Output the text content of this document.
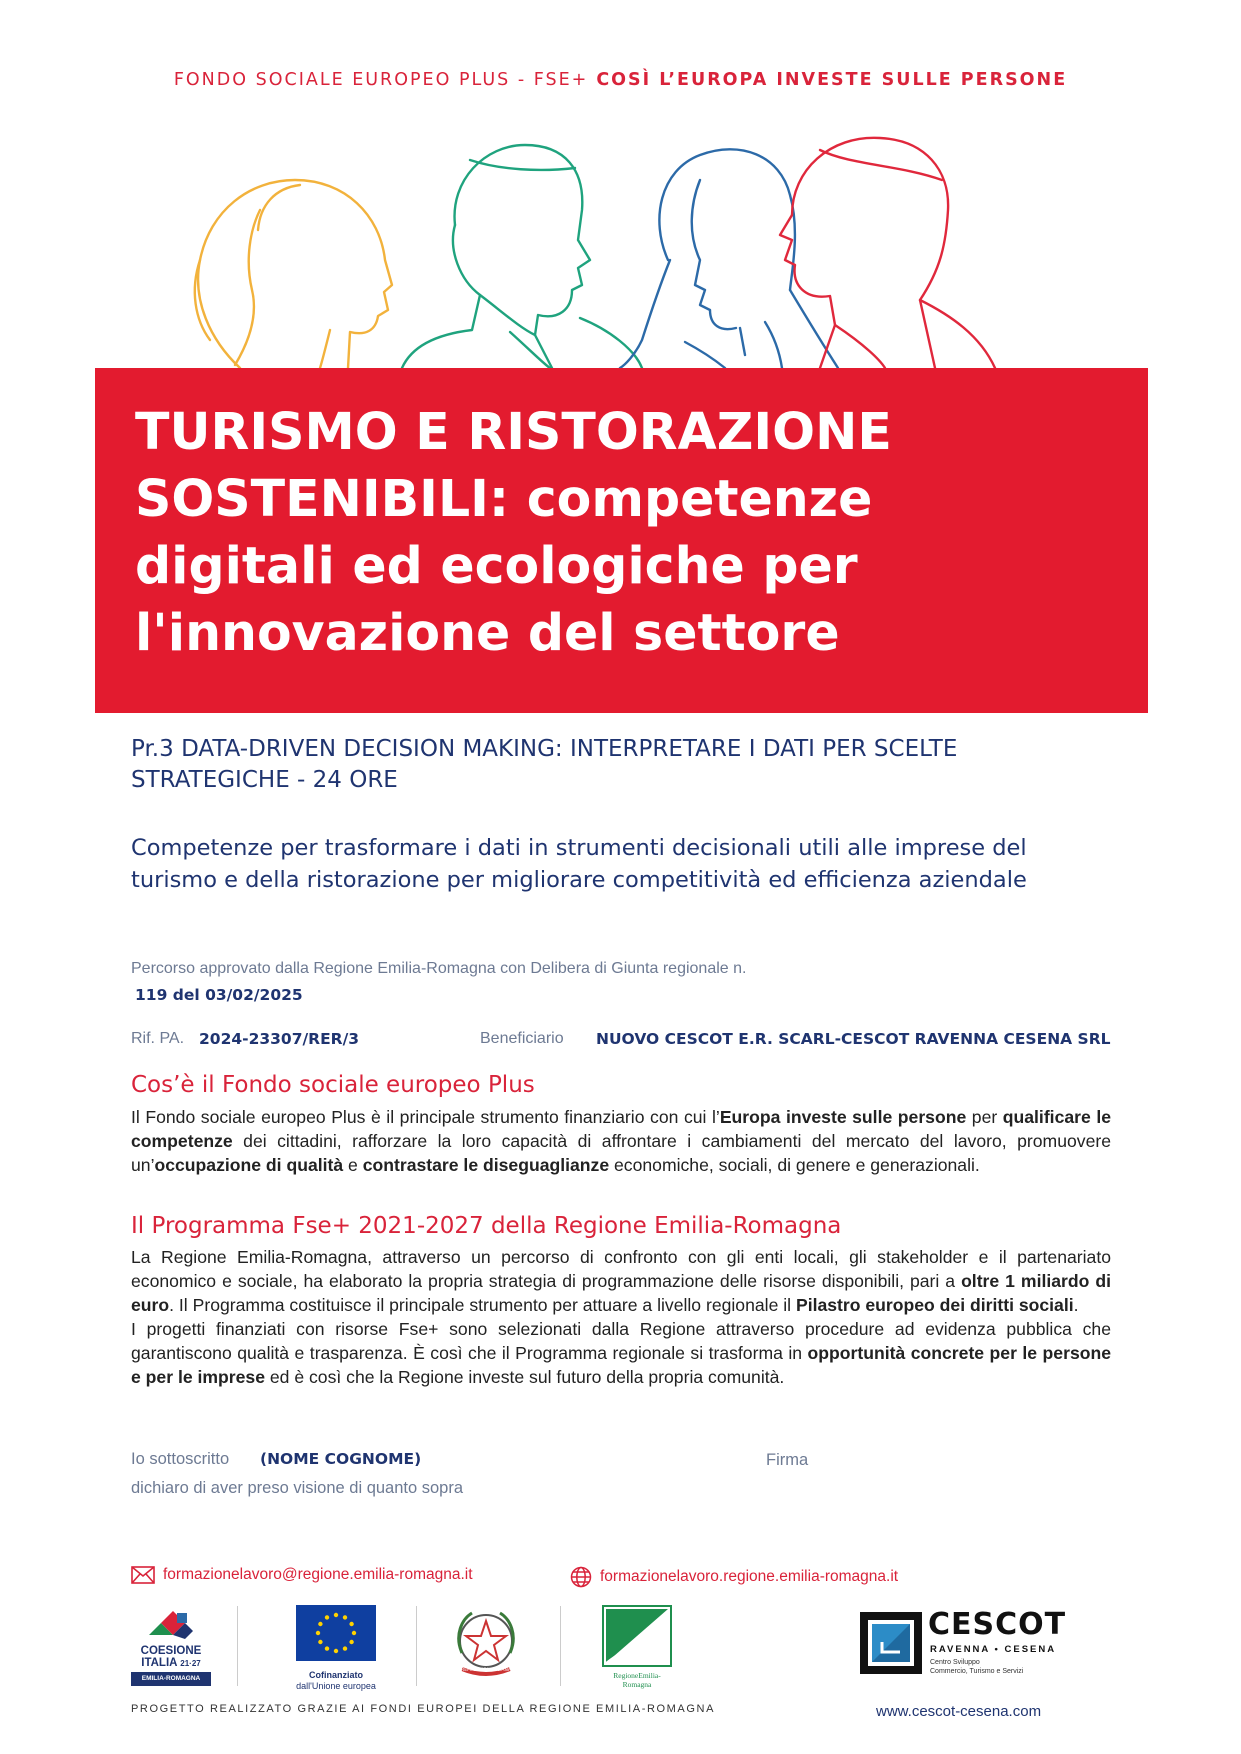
FONDO SOCIALE EUROPEO PLUS - FSE+ COSÌ L’EUROPA INVESTE SULLE PERSONE
TURISMO E RISTORAZIONE
SOSTENIBILI: competenze
digitali ed ecologiche per
l'innovazione del settore
Pr.3 DATA-DRIVEN DECISION MAKING: INTERPRETARE I DATI PER SCELTE STRATEGICHE - 24 ORE
Competenze per trasformare i dati in strumenti decisionali utili alle imprese del turismo e della ristorazione per migliorare competitività ed efficienza aziendale
Percorso approvato dalla Regione Emilia-Romagna con Delibera di Giunta regionale n.
119 del 03/02/2025
Rif. PA. 2024-23307/RER/3	Beneficiario NUOVO CESCOT E.R. SCARL-CESCOT RAVENNA CESENA SRL
Cos’è il Fondo sociale europeo Plus

Il Fondo sociale europeo Plus è il principale strumento finanziario con cui l’Europa investe sulle persone per qualificare le competenze dei cittadini, rafforzare la loro capacità di affrontare i cambiamenti del mercato del lavoro, promuovere un’occupazione di qualità e contrastare le diseguaglianze economiche, sociali, di genere e generazionali.

Il Programma Fse+ 2021-2027 della Regione Emilia-Romagna

La Regione Emilia-Romagna, attraverso un percorso di confronto con gli enti locali, gli stakeholder e il partenariato economico e sociale, ha elaborato la propria strategia di programmazione delle risorse disponibili, pari a oltre 1 miliardo di euro. Il Programma costituisce il principale strumento per attuare a livello regionale il Pilastro europeo dei diritti sociali.
I progetti finanziati con risorse Fse+ sono selezionati dalla Regione attraverso procedure ad evidenza pubblica che garantiscono qualità e trasparenza. È così che il Programma regionale si trasforma in opportunità concrete per le persone e per le imprese ed è così che la Regione investe sul futuro della propria comunità.

Io sottoscritto (NOME COGNOME)	Firma
dichiaro di aver preso visione di quanto sopra
formazionelavoro@regione.emilia-romagna.it	formazionelavoro.regione.emilia-romagna.it
COESIONE
ITALIA 21·27
EMILIA-ROMAGNA	Cofinanziato
dall'Unione europea
REPUBBLICA ITALIANA
RegioneEmilia-Romagna
CESCOT
RAVENNA • CESENA
Centro Sviluppo
Commercio, Turismo e Servizi
PROGETTO REALIZZATO GRAZIE AI FONDI EUROPEI DELLA REGIONE EMILIA-ROMAGNA	www.cescot-cesena.com
